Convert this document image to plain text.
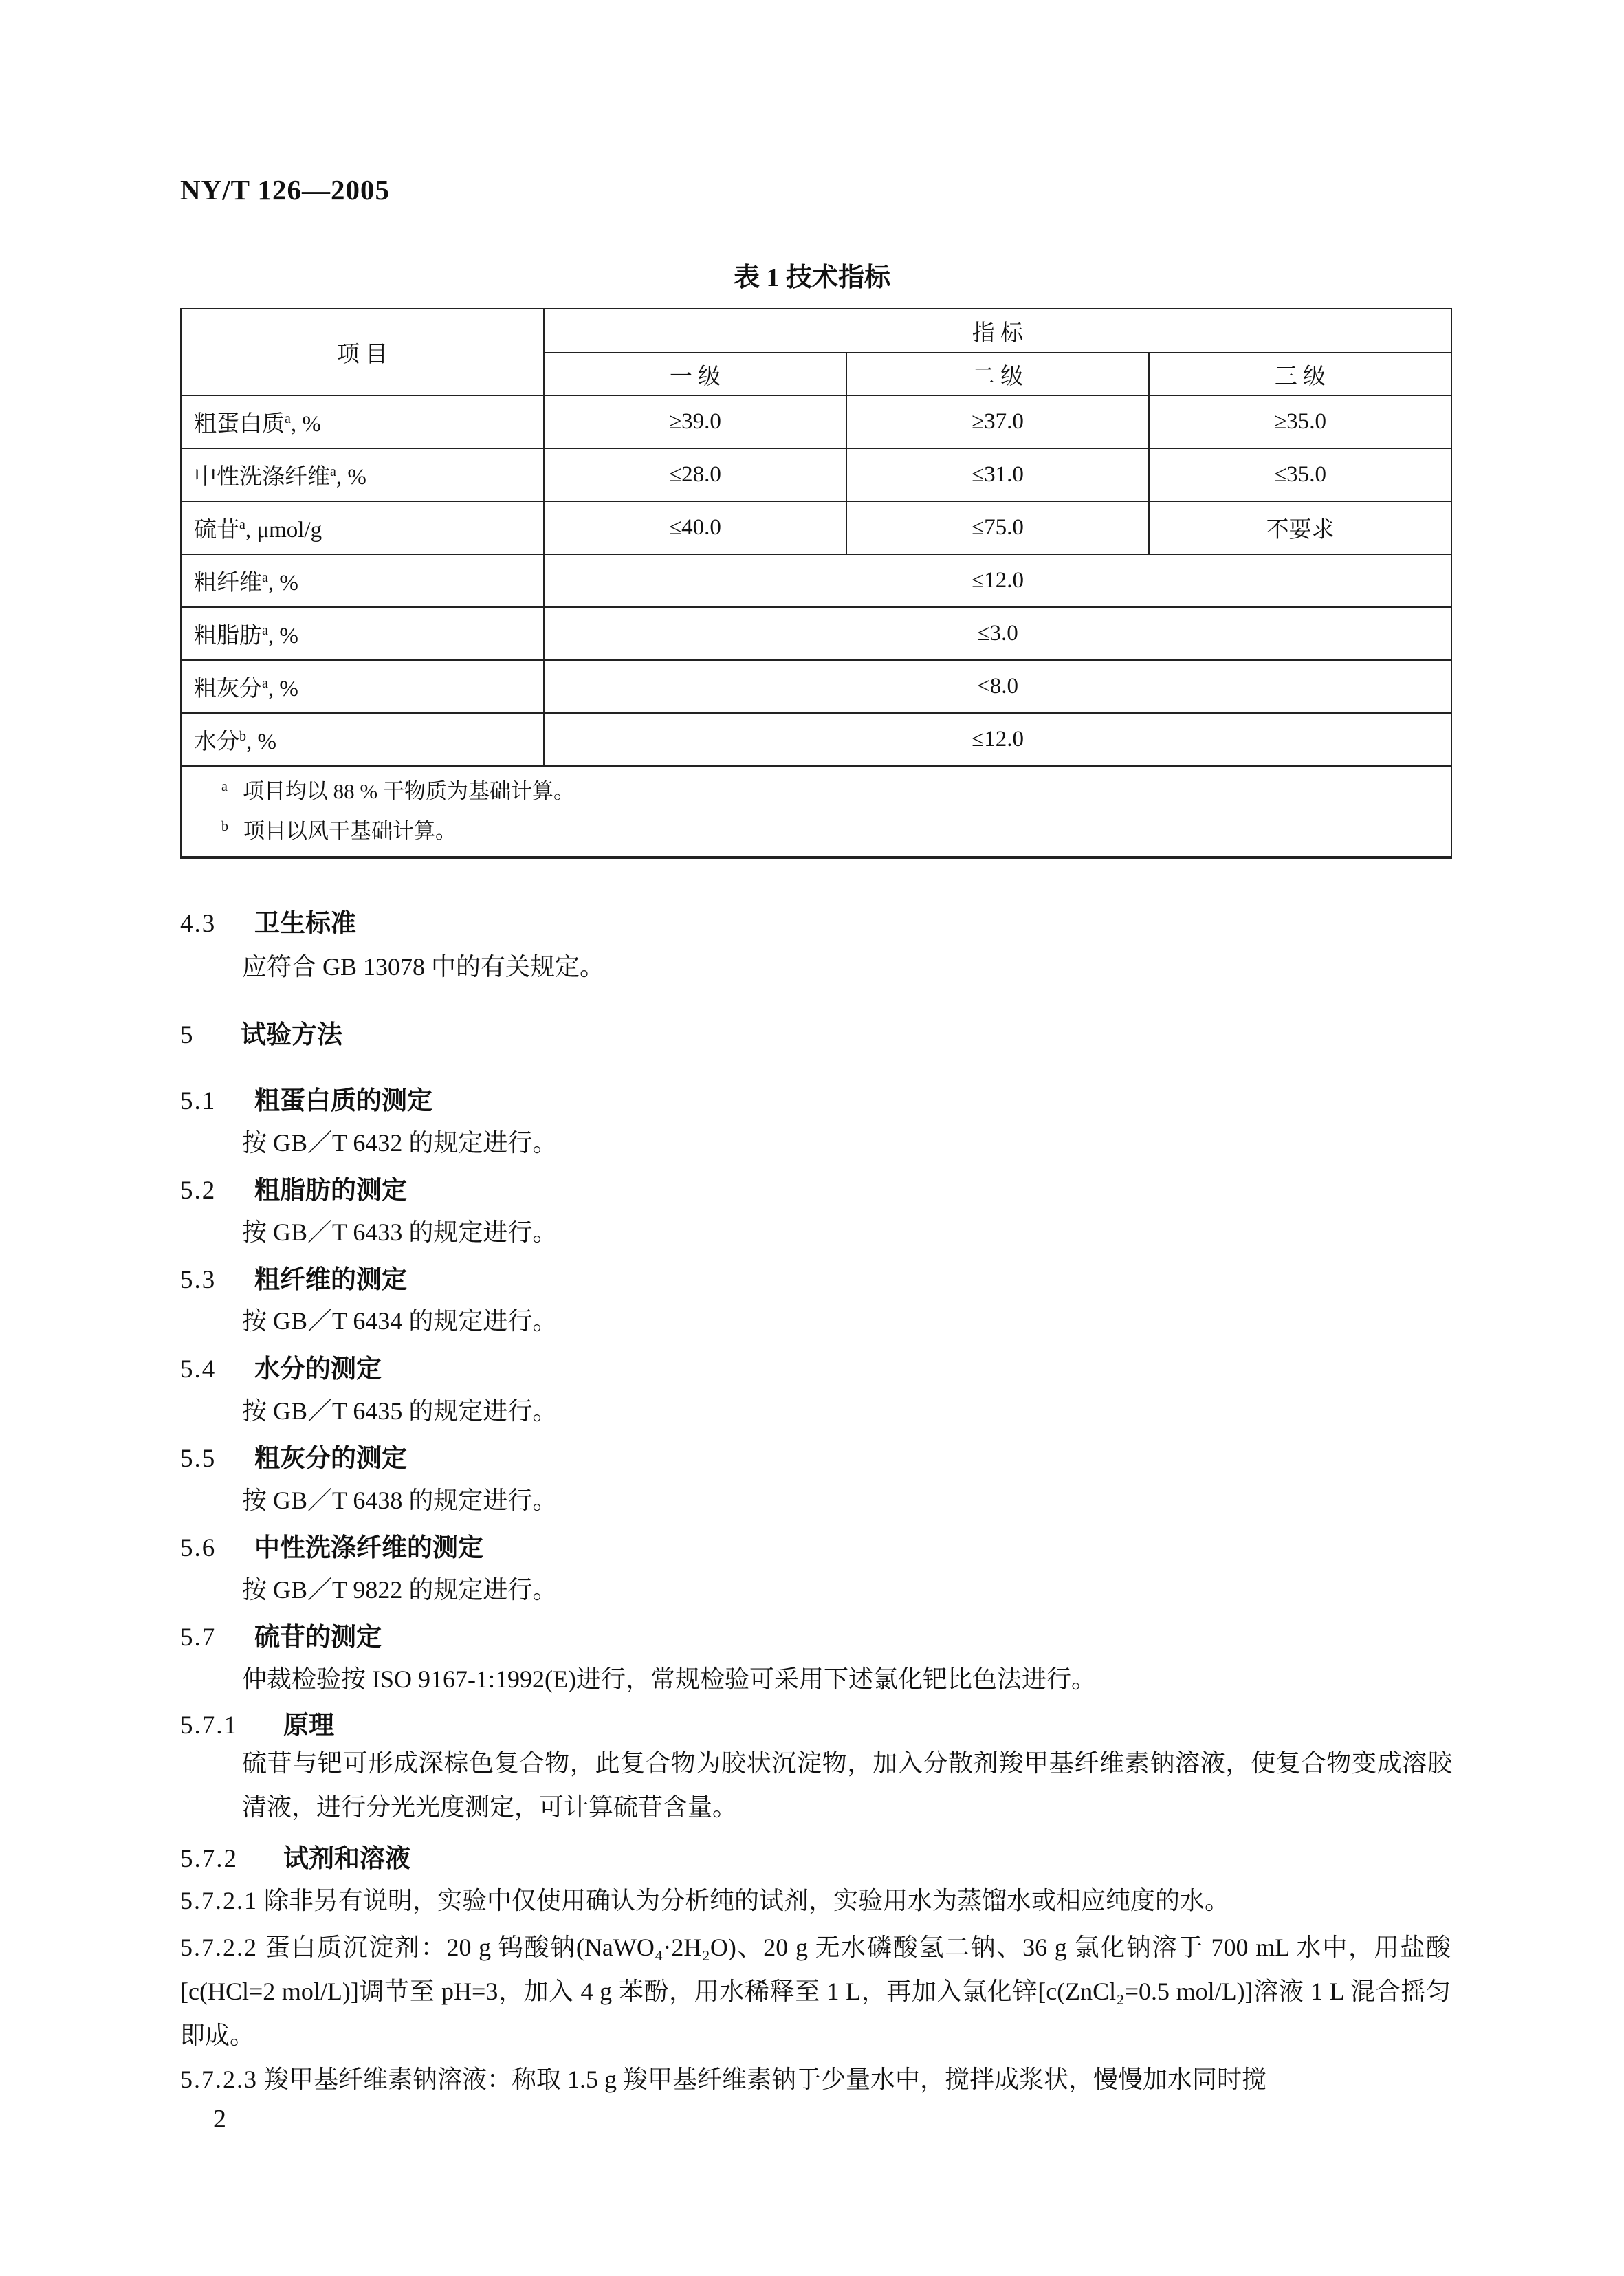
NY/T 126—2005
表 1 技术指标
项 目	指 标		
	一 级	二 级	三 级
粗蛋白质$^a$, %	≥39.0	≥37.0	≥35.0
中性洗涤纤维$^a$, %	≤28.0	≤31.0	≤35.0
硫苷$^a$, μmol/g	≤40.0	≤75.0	不要求
粗纤维$^a$, %	≤12.0		
粗脂肪$^a$, %	≤3.0		
粗灰分$^a$, %	<8.0		
水分$^b$, %	≤12.0		

$^a$ 项目均以 88 % 干物质为基础计算。
$^b$ 项目以风干基础计算。			
4.3 卫生标准
应符合 GB 13078 中的有关规定。
5 试验方法
5.1 粗蛋白质的测定
按 GB／T 6432 的规定进行。
5.2 粗脂肪的测定
按 GB／T 6433 的规定进行。
5.3 粗纤维的测定
按 GB／T 6434 的规定进行。
5.4 水分的测定
按 GB／T 6435 的规定进行。
5.5 粗灰分的测定
按 GB／T 6438 的规定进行。
5.6 中性洗涤纤维的测定
按 GB／T 9822 的规定进行。
5.7 硫苷的测定
仲裁检验按 ISO 9167-1:1992(E)进行，常规检验可采用下述氯化钯比色法进行。
5.7.1 原理
硫苷与钯可形成深棕色复合物，此复合物为胶状沉淀物，加入分散剂羧甲基纤维素钠溶液，使复合物变成溶胶清液，进行分光光度测定，可计算硫苷含量。
5.7.2 试剂和溶液
5.7.2.1 除非另有说明，实验中仅使用确认为分析纯的试剂，实验用水为蒸馏水或相应纯度的水。
5.7.2.2 蛋白质沉淀剂：20 g 钨酸钠(NaWO₄·2H₂O)、20 g 无水磷酸氢二钠、36 g 氯化钠溶于 700 mL 水中，用盐酸[c(HCl=2 mol/L)]调节至 pH=3，加入 4 g 苯酚，用水稀释至 1 L，再加入氯化锌[c(ZnCl₂=0.5 mol/L)]溶液 1 L 混合摇匀即成。
5.7.2.3 羧甲基纤维素钠溶液：称取 1.5 g 羧甲基纤维素钠于少量水中，搅拌成浆状，慢慢加水同时搅
2
